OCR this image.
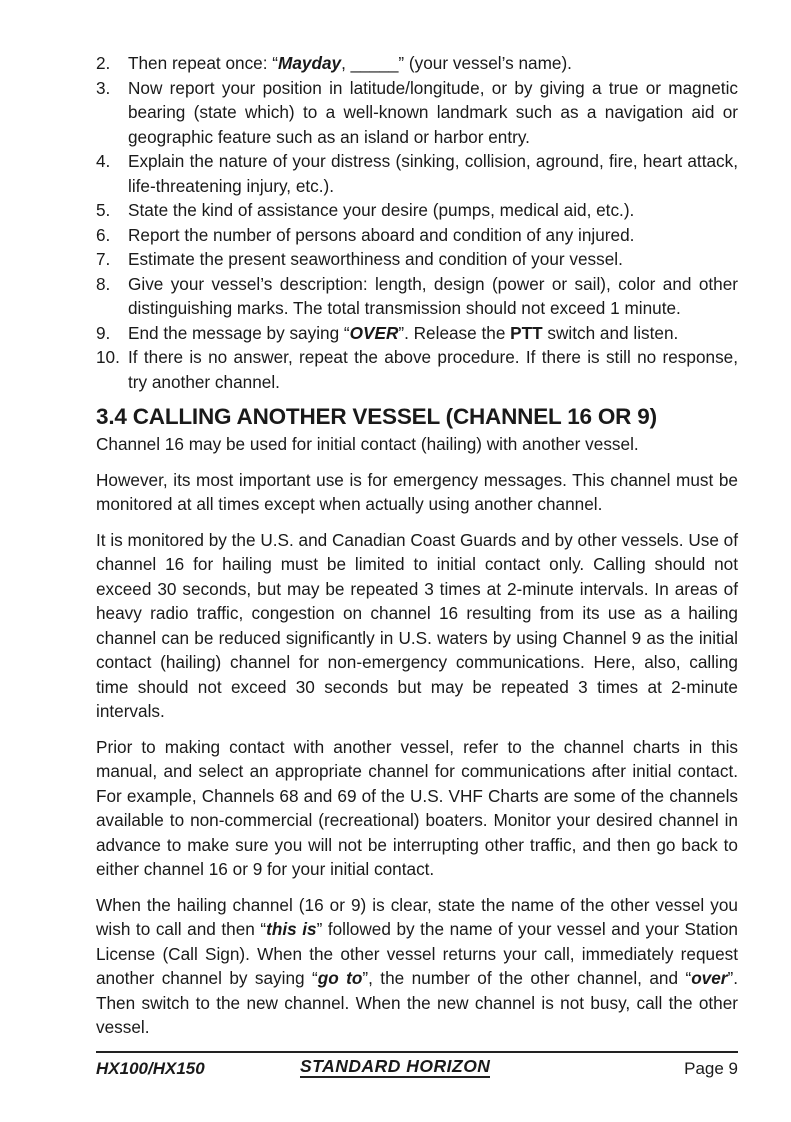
2. Then repeat once: “Mayday, _____” (your vessel’s name).
3. Now report your position in latitude/longitude, or by giving a true or magnetic bearing (state which) to a well-known landmark such as a navigation aid or geographic feature such as an island or harbor entry.
4. Explain the nature of your distress (sinking, collision, aground, fire, heart attack, life-threatening injury, etc.).
5. State the kind of assistance your desire (pumps, medical aid, etc.).
6. Report the number of persons aboard and condition of any injured.
7. Estimate the present seaworthiness and condition of your vessel.
8. Give your vessel’s description: length, design (power or sail), color and other distinguishing marks. The total transmission should not exceed 1 minute.
9. End the message by saying “OVER”. Release the PTT switch and listen.
10. If there is no answer, repeat the above procedure. If there is still no response, try another channel.
3.4 CALLING ANOTHER VESSEL (CHANNEL 16 OR 9)

Channel 16 may be used for initial contact (hailing) with another vessel.

However, its most important use is for emergency messages. This channel must be monitored at all times except when actually using another channel.

It is monitored by the U.S. and Canadian Coast Guards and by other vessels. Use of channel 16 for hailing must be limited to initial contact only. Calling should not exceed 30 seconds, but may be repeated 3 times at 2-minute intervals. In areas of heavy radio traffic, congestion on channel 16 resulting from its use as a hailing channel can be reduced significantly in U.S. waters by using Channel 9 as the initial contact (hailing) channel for non-emergency communications. Here, also, calling time should not exceed 30 seconds but may be repeated 3 times at 2-minute intervals.

Prior to making contact with another vessel, refer to the channel charts in this manual, and select an appropriate channel for communications after initial contact. For example, Channels 68 and 69 of the U.S. VHF Charts are some of the channels available to non-commercial (recreational) boaters. Monitor your desired channel in advance to make sure you will not be interrupting other traffic, and then go back to either channel 16 or 9 for your initial contact.

When the hailing channel (16 or 9) is clear, state the name of the other vessel you wish to call and then “this is” followed by the name of your vessel and your Station License (Call Sign). When the other vessel returns your call, immediately request another channel by saying “go to”, the number of the other channel, and “over”. Then switch to the new channel. When the new channel is not busy, call the other vessel.

HX100/HX150	STANDARD HORIZON	Page 9
